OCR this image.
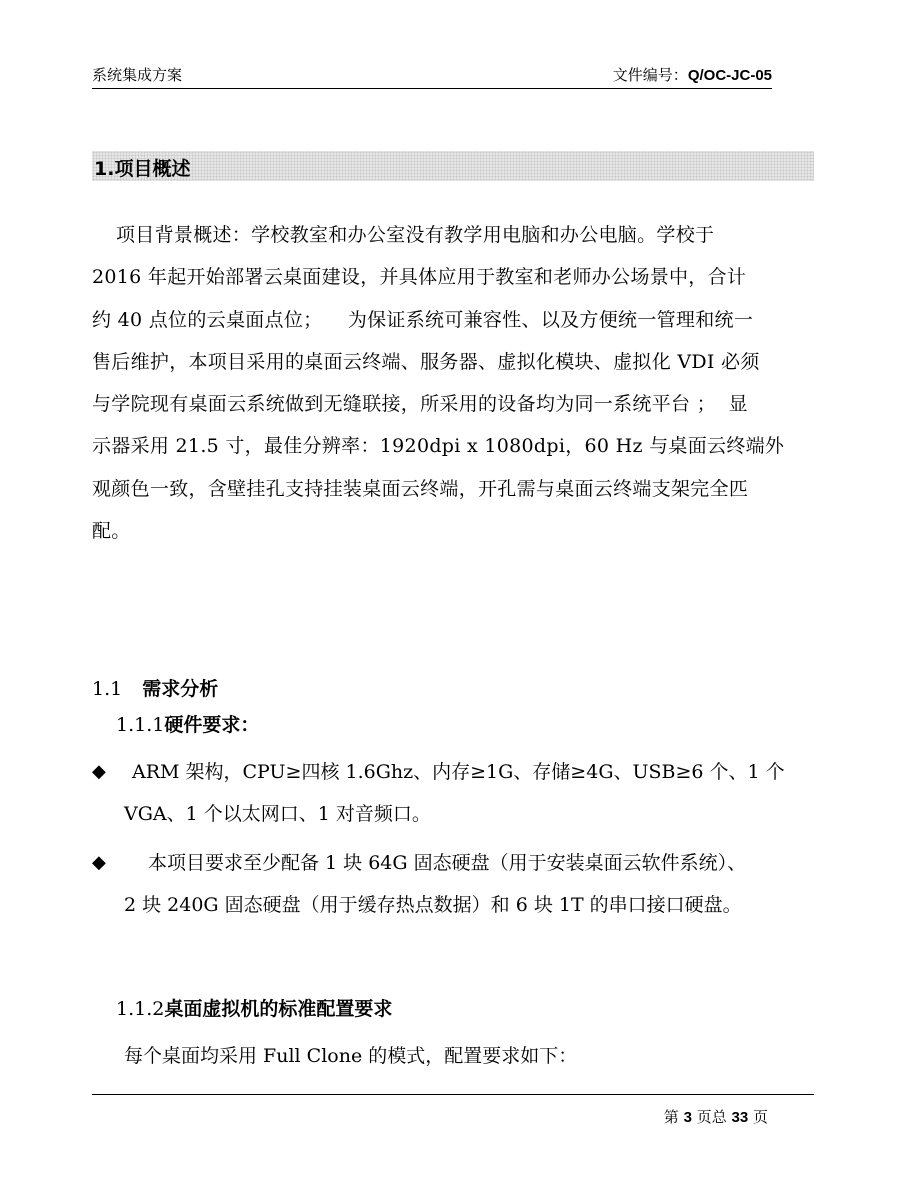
系统集成方案	文件编号：Q/OC-JC-05
1.项目概述
项目背景概述：学校教室和办公室没有教学用电脑和办公电脑。学校于
2016 年起开始部署云桌面建设，并具体应用于教室和老师办公场景中，合计
约 40 点位的云桌面点位；    为保证系统可兼容性、以及方便统一管理和统一
售后维护，本项目采用的桌面云终端、服务器、虚拟化模块、虚拟化 VDI 必须
与学院现有桌面云系统做到无缝联接，所采用的设备均为同一系统平台 ；  显
示器采用 21.5 寸，最佳分辨率：1920dpi x 1080dpi，60 Hz 与桌面云终端外
观颜色一致，含壁挂孔支持挂装桌面云终端，开孔需与桌面云终端支架完全匹
配。
1.1 需求分析
1.1.1硬件要求：
◆	ARM 架构，CPU≥四核 1.6Ghz、内存≥1G、存储≥4G、USB≥6 个、1 个
VGA、1 个以太网口、1 对音频口。
◆	本项目要求至少配备 1 块 64G 固态硬盘（用于安装桌面云软件系统）、
2 块 240G 固态硬盘（用于缓存热点数据）和 6 块 1T 的串口接口硬盘。
1.1.2桌面虚拟机的标准配置要求
每个桌面均采用 Full Clone 的模式，配置要求如下：
第 3 页总 33 页
